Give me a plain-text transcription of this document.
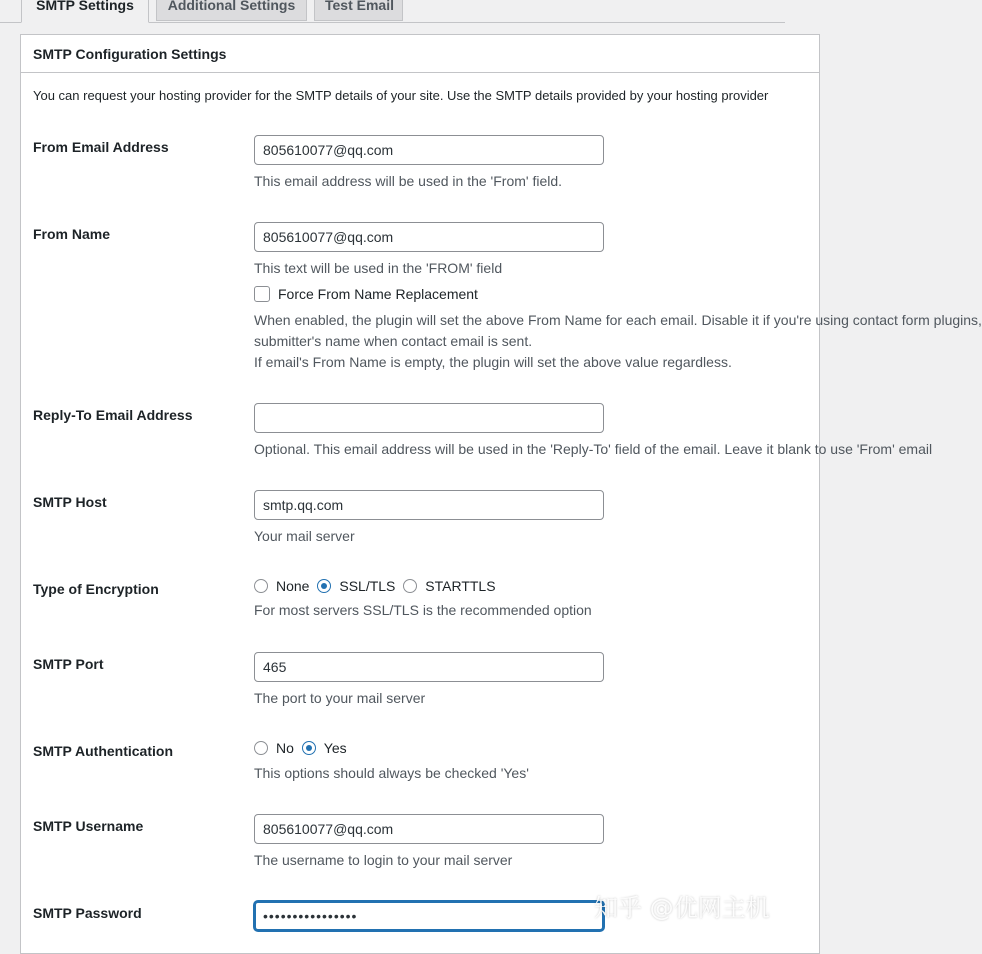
SMTP Settings	Additional Settings	Test Email
SMTP Configuration Settings
You can request your hosting provider for the SMTP details of your site. Use the SMTP details provided by your hosting provider
From Email Address	805610077@qq.com
This email address will be used in the 'From' field.
From Name	805610077@qq.com
This text will be used in the 'FROM' field
Force From Name Replacement
When enabled, the plugin will set the above From Name for each email. Disable it if you're using contact form plugins,
submitter's name when contact email is sent.
If email's From Name is empty, the plugin will set the above value regardless.
Reply-To Email Address
Optional. This email address will be used in the 'Reply-To' field of the email. Leave it blank to use 'From' email
SMTP Host	smtp.qq.com
Your mail server
Type of Encryption	None SSL/TLS STARTTLS
For most servers SSL/TLS is the recommended option
SMTP Port	465
The port to your mail server
SMTP Authentication	No Yes
This options should always be checked 'Yes'
SMTP Username	805610077@qq.com
The username to login to your mail server
SMTP Password	••••••••••••••••	知乎 @优网主机
